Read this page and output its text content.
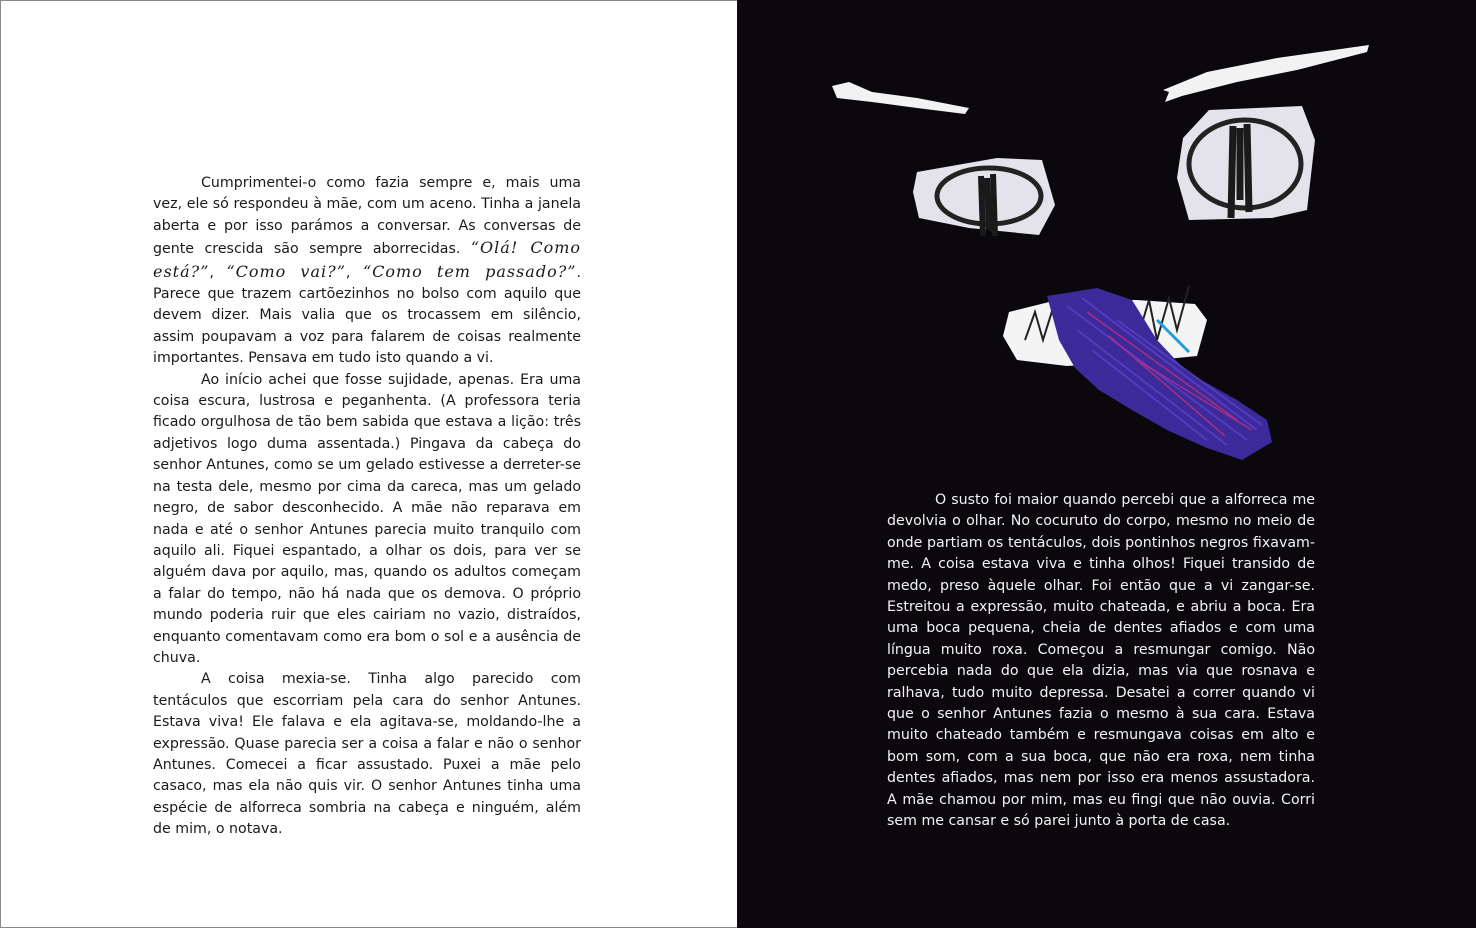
Cumprimentei-o como fazia sempre e, mais uma vez, ele só respondeu à mãe, com um aceno. Tinha a janela aberta e por isso parámos a conversar. As conversas de gente crescida são sempre aborrecidas. “Olá! Como está?”, “Como vai?”, “Como tem passado?”. Parece que trazem cartõezinhos no bolso com aquilo que devem dizer. Mais valia que os trocassem em silêncio, assim poupavam a voz para falarem de coisas realmente importantes. Pensava em tudo isto quando a vi.

Ao início achei que fosse sujidade, apenas. Era uma coisa escura, lustrosa e peganhenta. (A professora teria ficado orgulhosa de tão bem sabida que estava a lição: três adjetivos logo duma assentada.) Pingava da cabeça do senhor Antunes, como se um gelado estivesse a derreter-se na testa dele, mesmo por cima da careca, mas um gelado negro, de sabor desconhecido. A mãe não reparava em nada e até o senhor Antunes parecia muito tranquilo com aquilo ali. Fiquei espantado, a olhar os dois, para ver se alguém dava por aquilo, mas, quando os adultos começam a falar do tempo, não há nada que os demova. O próprio mundo poderia ruir que eles cairiam no vazio, distraídos, enquanto comentavam como era bom o sol e a ausência de chuva.

A coisa mexia-se. Tinha algo parecido com tentáculos que escorriam pela cara do senhor Antunes. Estava viva! Ele falava e ela agitava-se, moldando-lhe a expressão. Quase parecia ser a coisa a falar e não o senhor Antunes. Comecei a ficar assustado. Puxei a mãe pelo casaco, mas ela não quis vir. O senhor Antunes tinha uma espécie de alforreca sombria na cabeça e ninguém, além de mim, o notava.

O susto foi maior quando percebi que a alforreca me devolvia o olhar. No cocuruto do corpo, mesmo no meio de onde partiam os tentáculos, dois pontinhos negros fixavam-me. A coisa estava viva e tinha olhos! Fiquei transido de medo, preso àquele olhar. Foi então que a vi zangar-se. Estreitou a expressão, muito chateada, e abriu a boca. Era uma boca pequena, cheia de dentes afiados e com uma língua muito roxa. Começou a resmungar comigo. Não percebia nada do que ela dizia, mas via que rosnava e ralhava, tudo muito depressa. Desatei a correr quando vi que o senhor Antunes fazia o mesmo à sua cara. Estava muito chateado também e resmungava coisas em alto e bom som, com a sua boca, que não era roxa, nem tinha dentes afiados, mas nem por isso era menos assustadora. A mãe chamou por mim, mas eu fingi que não ouvia. Corri sem me cansar e só parei junto à porta de casa.
